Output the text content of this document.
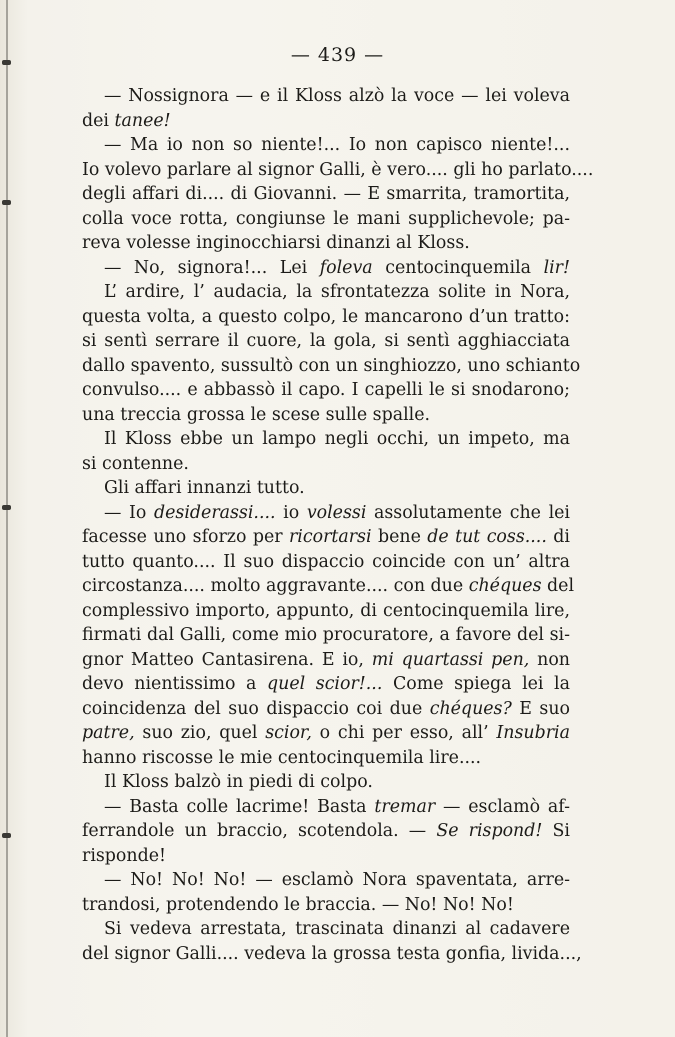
— 439 —
— Nossignora — e il Kloss alzò la voce — lei voleva
dei tanee!
— Ma io non so niente!... Io non capisco niente!...
Io volevo parlare al signor Galli, è vero.... gli ho parlato....
degli affari di.... di Giovanni. — E smarrita, tramortita,
colla voce rotta, congiunse le mani supplichevole; pa-
reva volesse inginocchiarsi dinanzi al Kloss.
— No, signora!... Lei foleva centocinquemila lir!
L’ ardire, l’ audacia, la sfrontatezza solite in Nora,
questa volta, a questo colpo, le mancarono d’un tratto:
si sentì serrare il cuore, la gola, si sentì agghiacciata
dallo spavento, sussultò con un singhiozzo, uno schianto
convulso.... e abbassò il capo. I capelli le si snodarono;
una treccia grossa le scese sulle spalle.
Il Kloss ebbe un lampo negli occhi, un impeto, ma
si contenne.
Gli affari innanzi tutto.
— Io desiderassi.... io volessi assolutamente che lei
facesse uno sforzo per ricortarsi bene de tut coss.... di
tutto quanto.... Il suo dispaccio coincide con un’ altra
circostanza.... molto aggravante.... con due chéques del
complessivo importo, appunto, di centocinquemila lire,
firmati dal Galli, come mio procuratore, a favore del si-
gnor Matteo Cantasirena. E io, mi quartassi pen, non
devo nientissimo a quel scior!... Come spiega lei la
coincidenza del suo dispaccio coi due chéques? E suo
patre, suo zio, quel scior, o chi per esso, all’ Insubria
hanno riscosse le mie centocinquemila lire....
Il Kloss balzò in piedi di colpo.
— Basta colle lacrime! Basta tremar — esclamò af-
ferrandole un braccio, scotendola. — Se rispond! Si
risponde!
— No! No! No! — esclamò Nora spaventata, arre-
trandosi, protendendo le braccia. — No! No! No!
Si vedeva arrestata, trascinata dinanzi al cadavere
del signor Galli.... vedeva la grossa testa gonfia, livida...,
